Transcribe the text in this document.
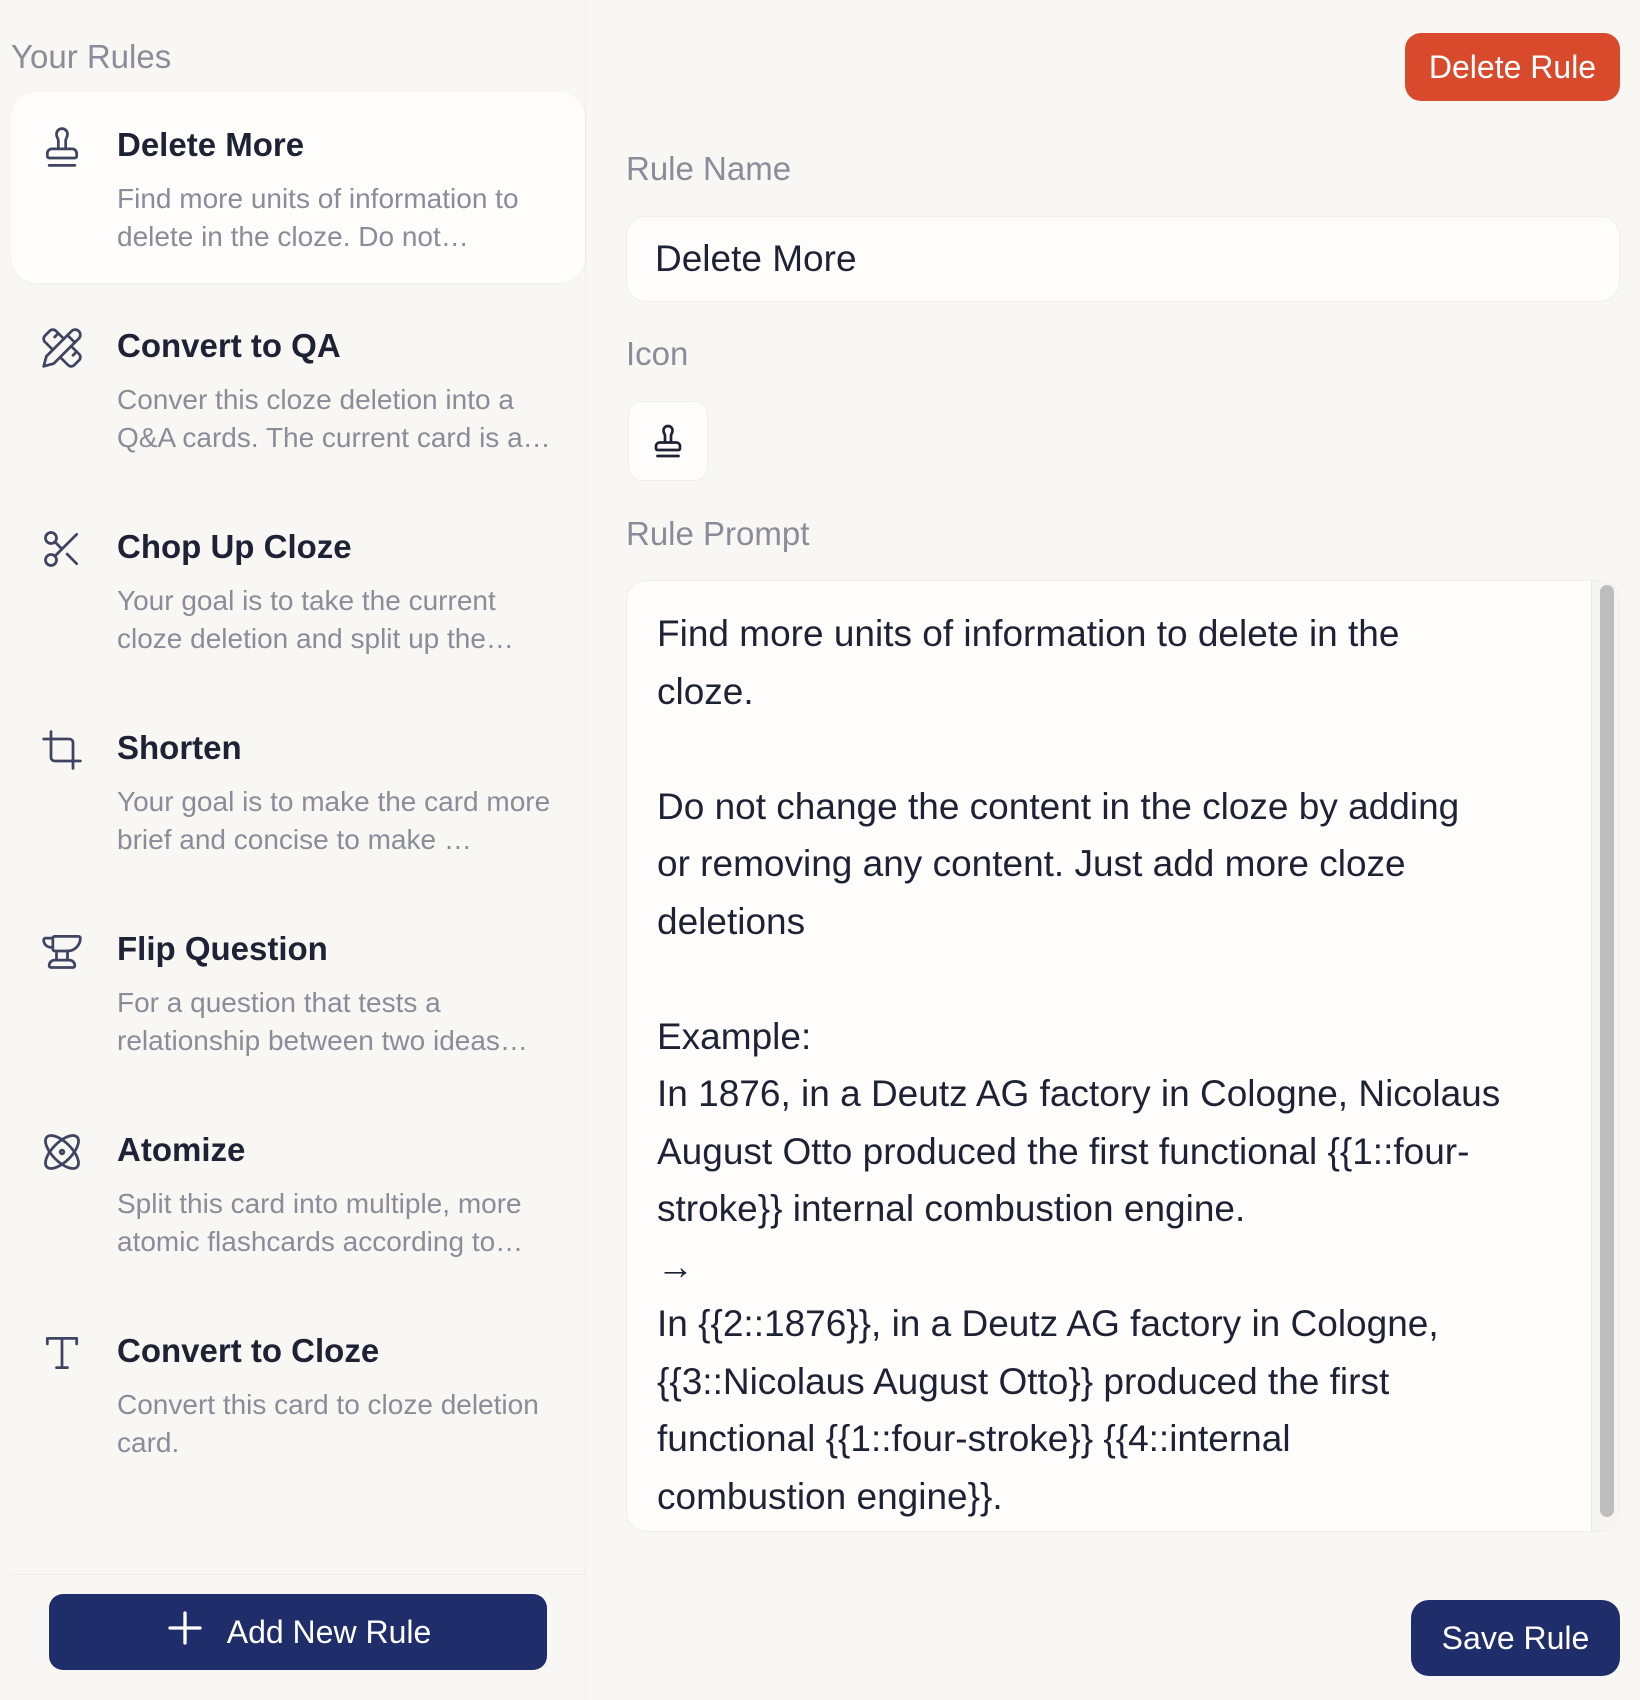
Your Rules
Delete More
Find more units of information to delete in the cloze. Do not…
Convert to QA
Conver this cloze deletion into a Q&A cards. The current card is a…
Chop Up Cloze
Your goal is to take the current cloze deletion and split up the…
Shorten
Your goal is to make the card more brief and concise to make …
Flip Question
For a question that tests a relationship between two ideas…
Atomize
Split this card into multiple, more atomic flashcards according to…
Convert to Cloze
Convert this card to cloze deletion card.
Add New Rule
Delete Rule
Rule Name
Delete More
Icon
Rule Prompt
Find more units of information to delete in the
cloze.

Do not change the content in the cloze by adding
or removing any content. Just add more cloze
deletions

Example:
In 1876, in a Deutz AG factory in Cologne, Nicolaus
August Otto produced the first functional {{1::four-
stroke}} internal combustion engine.
→
In {{2::1876}}, in a Deutz AG factory in Cologne,
{{3::Nicolaus August Otto}} produced the first
functional {{1::four-stroke}} {{4::internal
combustion engine}}.
Save Rule
